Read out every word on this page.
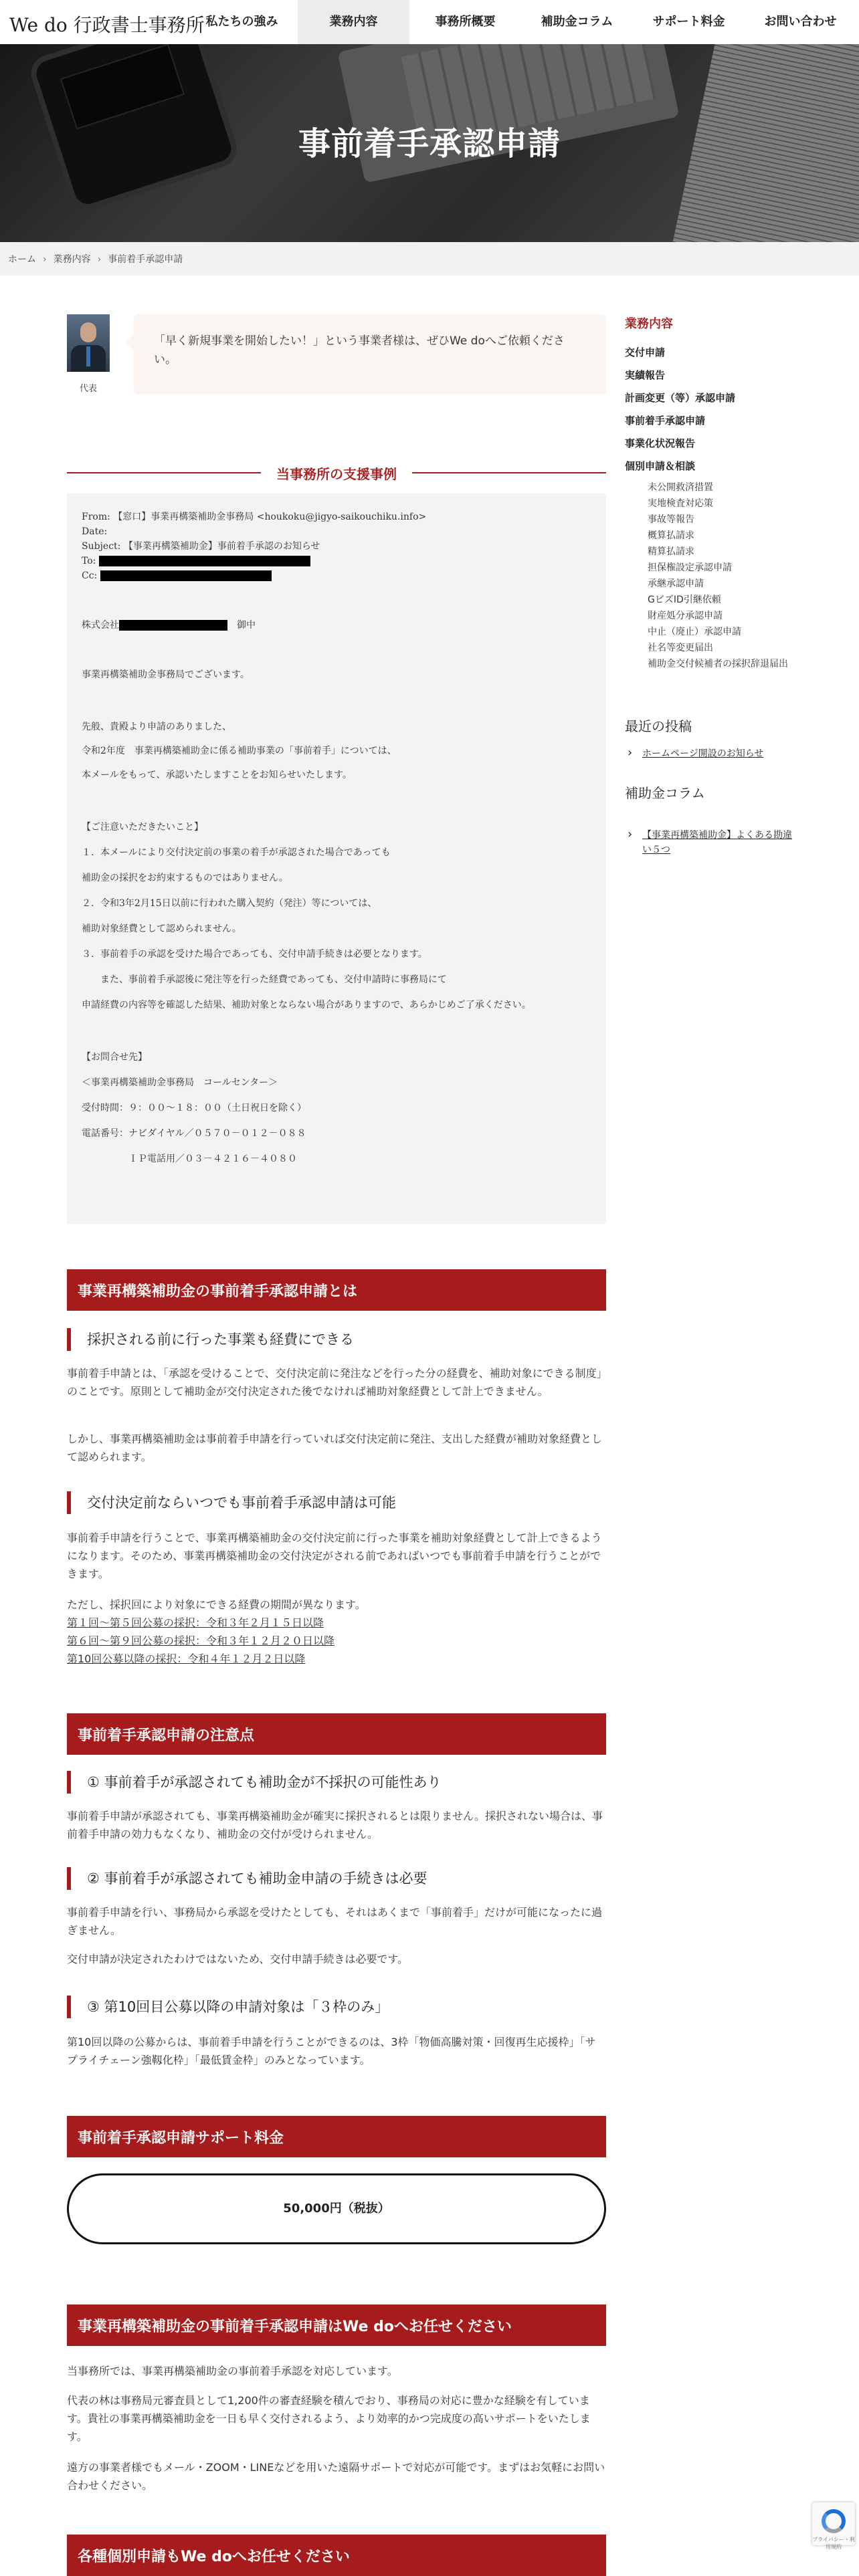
We do 行政書士事務所 私たちの強み	業務内容	事務所概要	補助金コラム	サポート料金	お問い合わせ
事前着手承認申請
ホーム › 業務内容 › 事前着手承認申請
代表
「早く新規事業を開始したい！」という事業者様は、ぜひWe doへご依頼ください。
当事務所の支援事例
From: 【窓口】事業再構築補助金事務局 <houkoku@jigyo-saikouchiku.info>
Date:
Subject: 【事業再構築補助金】事前着手承認のお知らせ
To:
Cc:
株式会社　	御中

事業再構築補助金事務局でございます。

先般、貴殿より申請のありました、

令和2年度　事業再構築補助金に係る補助事業の「事前着手」については、

本メールをもって、承認いたしますことをお知らせいたします。

【ご注意いただきたいこと】

１．本メールにより交付決定前の事業の着手が承認された場合であっても

補助金の採択をお約束するものではありません。

２．令和3年2月15日以前に行われた購入契約（発注）等については、

補助対象経費として認められません。

３．事前着手の承認を受けた場合であっても、交付申請手続きは必要となります。

　　また、事前着手承認後に発注等を行った経費であっても、交付申請時に事務局にて

申請経費の内容等を確認した結果、補助対象とならない場合がありますので、あらかじめご了承ください。

【お問合せ先】

＜事業再構築補助金事務局　コールセンター＞

受付時間：９：００～１８：００（土日祝日を除く）

電話番号：ナビダイヤル／０５７０－０１２－０８８

　　　　　ＩＰ電話用／０３－４２１６－４０８０

事業再構築補助金の事前着手承認申請とは
採択される前に行った事業も経費にできる
事前着手申請とは、「承認を受けることで、交付決定前に発注などを行った分の経費を、補助対象にできる制度」のことです。原則として補助金が交付決定された後でなければ補助対象経費として計上できません。
しかし、事業再構築補助金は事前着手申請を行っていれば交付決定前に発注、支出した経費が補助対象経費として認められます。
交付決定前ならいつでも事前着手承認申請は可能
事前着手申請を行うことで、事業再構築補助金の交付決定前に行った事業を補助対象経費として計上できるようになります。そのため、事業再構築補助金の交付決定がされる前であればいつでも事前着手申請を行うことができます。
ただし、採択回により対象にできる経費の期間が異なります。
第１回〜第５回公募の採択：令和３年２月１５日以降
第６回〜第９回公募の採択：令和３年１２月２０日以降
第10回公募以降の採択：令和４年１２月２日以降
事前着手承認申請の注意点
① 事前着手が承認されても補助金が不採択の可能性あり
事前着手申請が承認されても、事業再構築補助金が確実に採択されるとは限りません。採択されない場合は、事前着手申請の効力もなくなり、補助金の交付が受けられません。
② 事前着手が承認されても補助金申請の手続きは必要
事前着手申請を行い、事務局から承認を受けたとしても、それはあくまで「事前着手」だけが可能になったに過ぎません。
交付申請が決定されたわけではないため、交付申請手続きは必要です。
③ 第10回目公募以降の申請対象は「３枠のみ」
第10回以降の公募からは、事前着手申請を行うことができるのは、3枠「物価高騰対策・回復再生応援枠」「サプライチェーン強靱化枠」「最低賃金枠」のみとなっています。
事前着手承認申請サポート料金
50,000円（税抜）
事業再構築補助金の事前着手承認申請はWe doへお任せください
当事務所では、事業再構築補助金の事前着手承認を対応しています。
代表の林は事務局元審査員として1,200件の審査経験を積んでおり、事務局の対応に豊かな経験を有しています。貴社の事業再構築補助金を一日も早く交付されるよう、より効率的かつ完成度の高いサポートをいたします。
遠方の事業者様でもメール・ZOOM・LINEなどを用いた遠隔サポートで対応が可能です。まずはお気軽にお問い合わせください。
各種個別申請もWe doへお任せください
業務内容
交付申請
実績報告
計画変更（等）承認申請
事前着手承認申請
事業化状況報告
個別申請＆相談
未公開救済措置
実地検査対応策
事故等報告
概算払請求
精算払請求
担保権設定承認申請
承継承認申請
GビズID引継依頼
財産処分承認申請
中止（廃止）承認申請
社名等変更届出
補助金交付候補者の採択辞退届出
最近の投稿
› ホームページ開設のお知らせ
補助金コラム
› 【事業再構築補助金】よくある勘違い５つ
プライバシー・利用規約
